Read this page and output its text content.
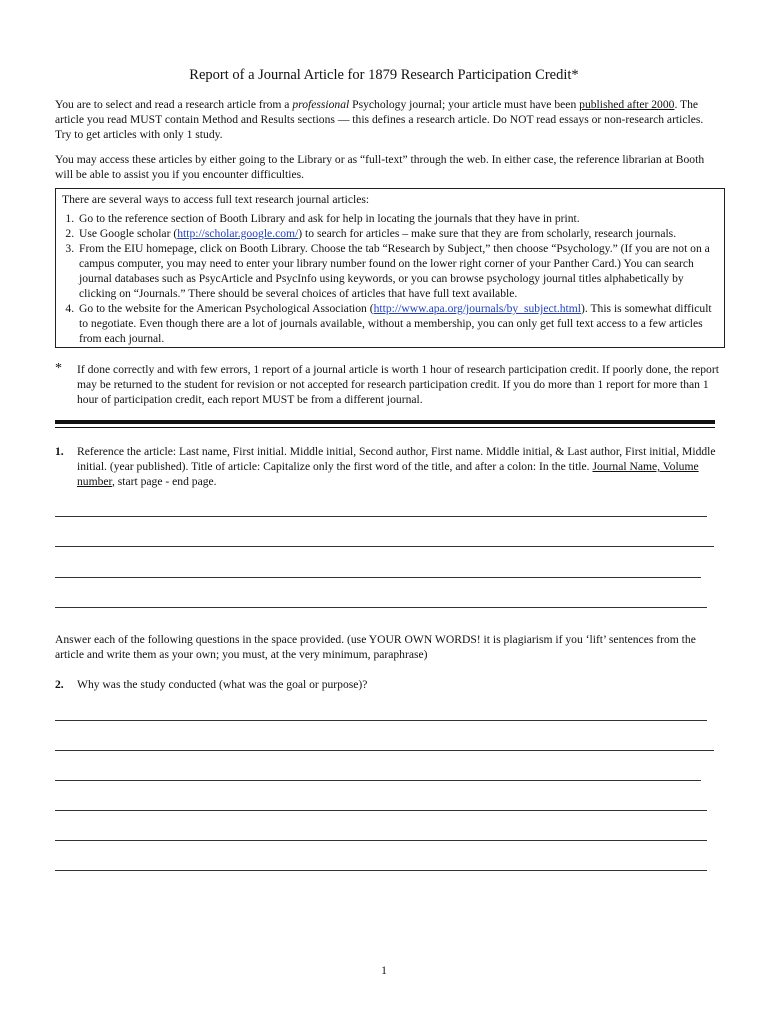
Report of a Journal Article for 1879 Research Participation Credit*
You are to select and read a research article from a professional Psychology journal; your article must have been published after 2000. The article you read MUST contain Method and Results sections — this defines a research article. Do NOT read essays or non-research articles. Try to get articles with only 1 study.
You may access these articles by either going to the Library or as “full-text” through the web. In either case, the reference librarian at Booth will be able to assist you if you encounter difficulties.
There are several ways to access full text research journal articles:
1. Go to the reference section of Booth Library and ask for help in locating the journals that they have in print.
2. Use Google scholar (http://scholar.google.com/) to search for articles – make sure that they are from scholarly, research journals.
3. From the EIU homepage, click on Booth Library. Choose the tab “Research by Subject,” then choose “Psychology.” (If you are not on a campus computer, you may need to enter your library number found on the lower right corner of your Panther Card.) You can search journal databases such as PsycArticle and PsycInfo using keywords, or you can browse psychology journal titles alphabetically by clicking on “Journals.” There should be several choices of articles that have full text available.
4. Go to the website for the American Psychological Association (http://www.apa.org/journals/by_subject.html). This is somewhat difficult to negotiate. Even though there are a lot of journals available, without a membership, you can only get full text access to a few articles from each journal.
* If done correctly and with few errors, 1 report of a journal article is worth 1 hour of research participation credit. If poorly done, the report may be returned to the student for revision or not accepted for research participation credit. If you do more than 1 report for more than 1 hour of participation credit, each report MUST be from a different journal.
1. Reference the article: Last name, First initial. Middle initial, Second author, First name. Middle initial, & Last author, First initial, Middle initial. (year published). Title of article: Capitalize only the first word of the title, and after a colon: In the title. Journal Name, Volume number, start page - end page.
Answer each of the following questions in the space provided. (use YOUR OWN WORDS! it is plagiarism if you ‘lift’ sentences from the article and write them as your own; you must, at the very minimum, paraphrase)
2. Why was the study conducted (what was the goal or purpose)?
1
